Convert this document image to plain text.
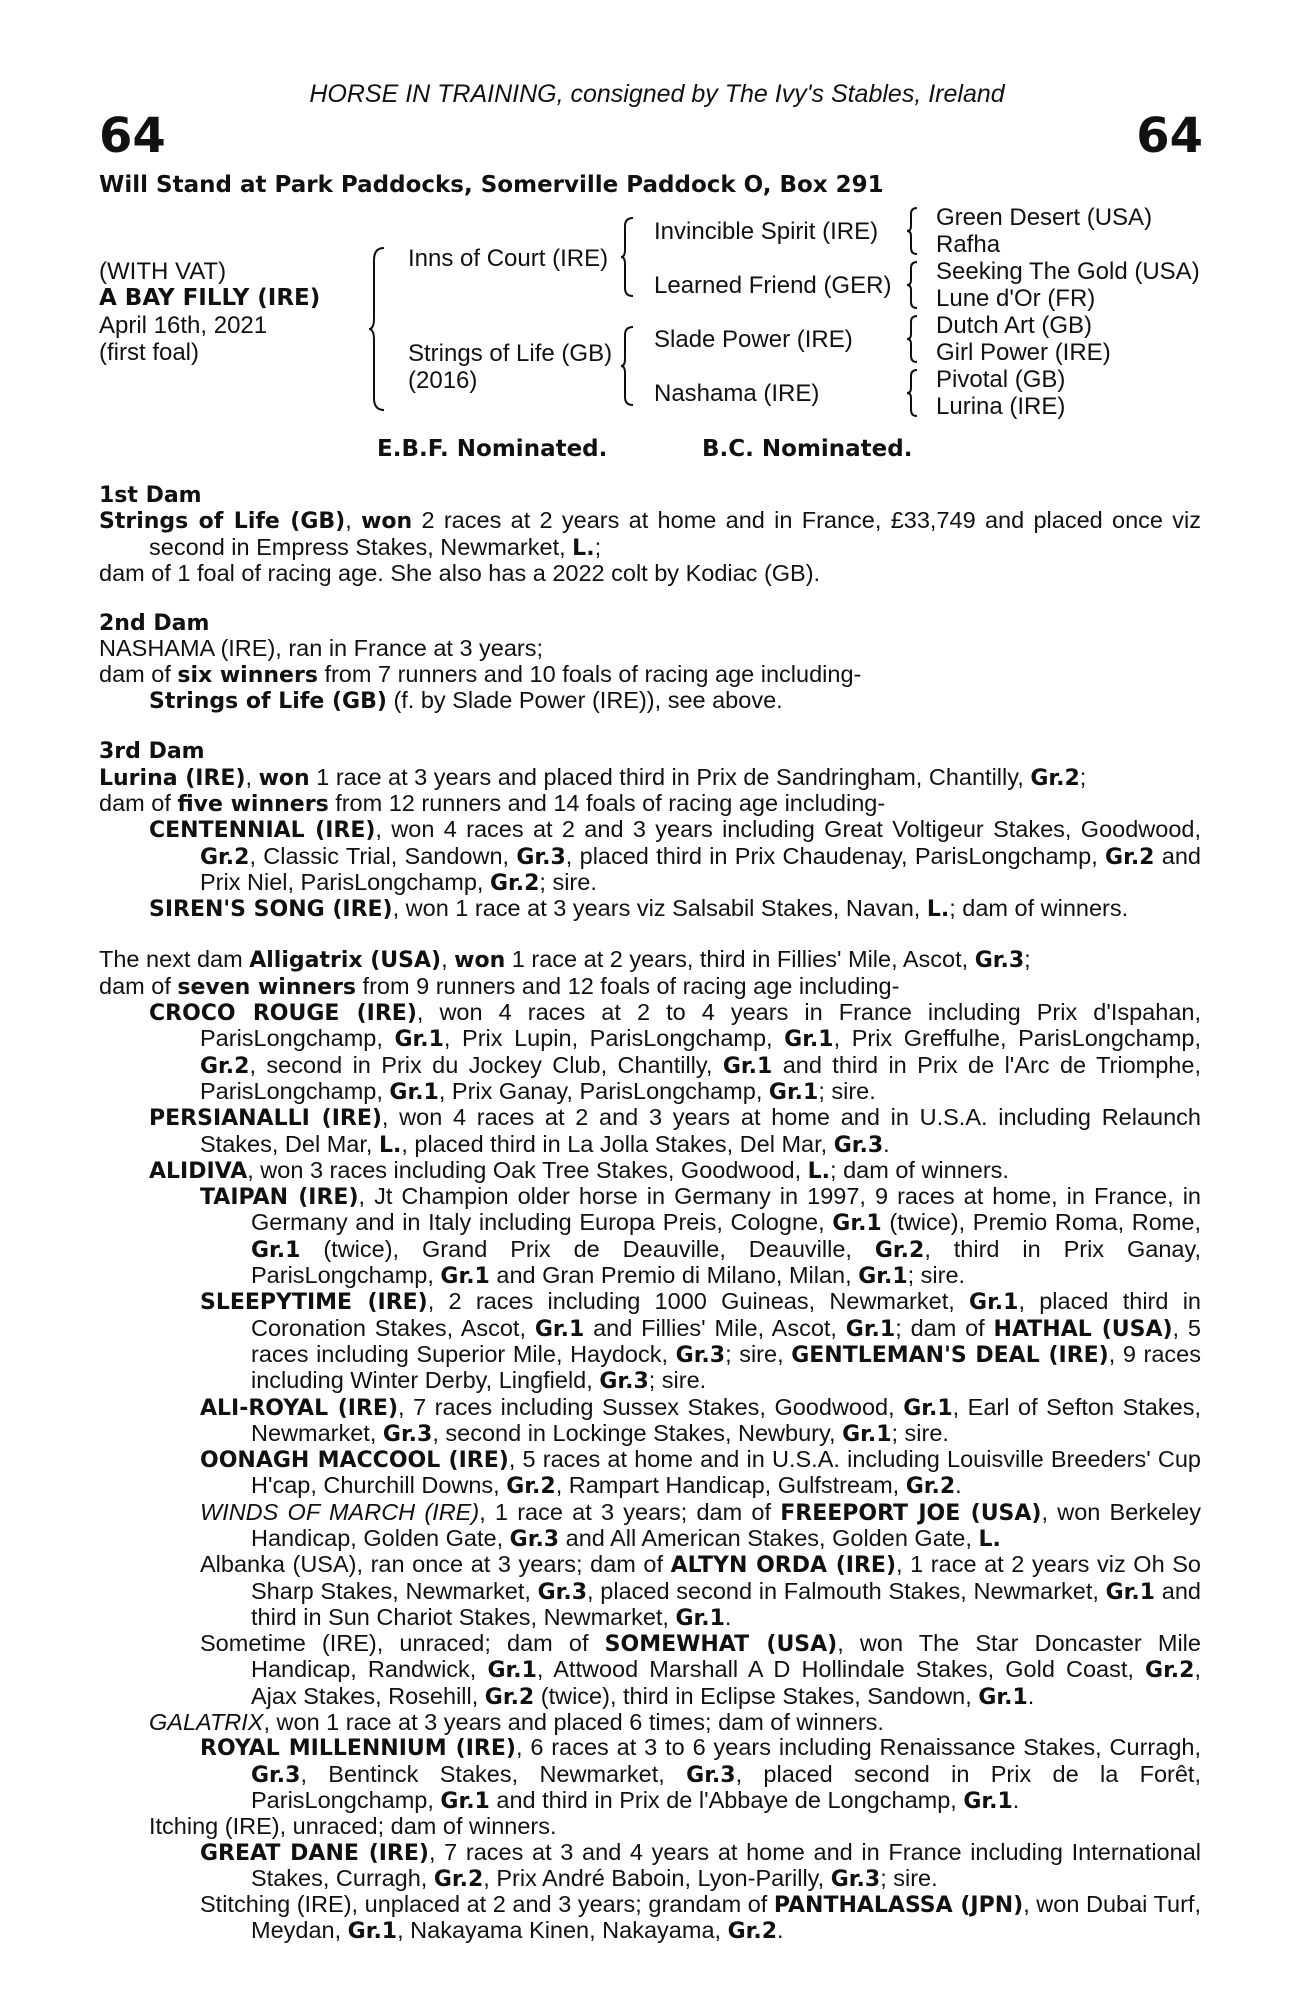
HORSE IN TRAINING, consigned by The Ivy's Stables, Ireland
64	64
Will Stand at Park Paddocks, Somerville Paddock O, Box 291
(WITH VAT)
A BAY FILLY (IRE)
April 16th, 2021
(first foal)
Inns of Court (IRE)
Strings of Life (GB)
(2016)
Invincible Spirit (IRE)
Learned Friend (GER)
Slade Power (IRE)
Nashama (IRE)
Green Desert (USA)
Rafha
Seeking The Gold (USA)
Lune d'Or (FR)
Dutch Art (GB)
Girl Power (IRE)
Pivotal (GB)
Lurina (IRE)
E.B.F. Nominated.	B.C. Nominated.

1st Dam

Strings of Life (GB), won 2 races at 2 years at home and in France, £33,749 and placed once viz second in Empress Stakes, Newmarket, L.;

dam of 1 foal of racing age. She also has a 2022 colt by Kodiac (GB).

2nd Dam

NASHAMA (IRE), ran in France at 3 years;

dam of six winners from 7 runners and 10 foals of racing age including-

Strings of Life (GB) (f. by Slade Power (IRE)), see above.

3rd Dam

Lurina (IRE), won 1 race at 3 years and placed third in Prix de Sandringham, Chantilly, Gr.2;

dam of five winners from 12 runners and 14 foals of racing age including-

CENTENNIAL (IRE), won 4 races at 2 and 3 years including Great Voltigeur Stakes, Goodwood, Gr.2, Classic Trial, Sandown, Gr.3, placed third in Prix Chaudenay, ParisLongchamp, Gr.2 and Prix Niel, ParisLongchamp, Gr.2; sire.

SIREN'S SONG (IRE), won 1 race at 3 years viz Salsabil Stakes, Navan, L.; dam of winners.

The next dam Alligatrix (USA), won 1 race at 2 years, third in Fillies' Mile, Ascot, Gr.3;

dam of seven winners from 9 runners and 12 foals of racing age including-

CROCO ROUGE (IRE), won 4 races at 2 to 4 years in France including Prix d'Ispahan, ParisLongchamp, Gr.1, Prix Lupin, ParisLongchamp, Gr.1, Prix Greffulhe, ParisLongchamp, Gr.2, second in Prix du Jockey Club, Chantilly, Gr.1 and third in Prix de l'Arc de Triomphe, ParisLongchamp, Gr.1, Prix Ganay, ParisLongchamp, Gr.1; sire.

PERSIANALLI (IRE), won 4 races at 2 and 3 years at home and in U.S.A. including Relaunch Stakes, Del Mar, L., placed third in La Jolla Stakes, Del Mar, Gr.3.

ALIDIVA, won 3 races including Oak Tree Stakes, Goodwood, L.; dam of winners.

TAIPAN (IRE), Jt Champion older horse in Germany in 1997, 9 races at home, in France, in Germany and in Italy including Europa Preis, Cologne, Gr.1 (twice), Premio Roma, Rome, Gr.1 (twice), Grand Prix de Deauville, Deauville, Gr.2, third in Prix Ganay, ParisLongchamp, Gr.1 and Gran Premio di Milano, Milan, Gr.1; sire.

SLEEPYTIME (IRE), 2 races including 1000 Guineas, Newmarket, Gr.1, placed third in Coronation Stakes, Ascot, Gr.1 and Fillies' Mile, Ascot, Gr.1; dam of HATHAL (USA), 5 races including Superior Mile, Haydock, Gr.3; sire, GENTLEMAN'S DEAL (IRE), 9 races including Winter Derby, Lingfield, Gr.3; sire.

ALI-ROYAL (IRE), 7 races including Sussex Stakes, Goodwood, Gr.1, Earl of Sefton Stakes, Newmarket, Gr.3, second in Lockinge Stakes, Newbury, Gr.1; sire.

OONAGH MACCOOL (IRE), 5 races at home and in U.S.A. including Louisville Breeders' Cup H'cap, Churchill Downs, Gr.2, Rampart Handicap, Gulfstream, Gr.2.

WINDS OF MARCH (IRE), 1 race at 3 years; dam of FREEPORT JOE (USA), won Berkeley Handicap, Golden Gate, Gr.3 and All American Stakes, Golden Gate, L.

Albanka (USA), ran once at 3 years; dam of ALTYN ORDA (IRE), 1 race at 2 years viz Oh So Sharp Stakes, Newmarket, Gr.3, placed second in Falmouth Stakes, Newmarket, Gr.1 and third in Sun Chariot Stakes, Newmarket, Gr.1.

Sometime (IRE), unraced; dam of SOMEWHAT (USA), won The Star Doncaster Mile Handicap, Randwick, Gr.1, Attwood Marshall A D Hollindale Stakes, Gold Coast, Gr.2, Ajax Stakes, Rosehill, Gr.2 (twice), third in Eclipse Stakes, Sandown, Gr.1.

GALATRIX, won 1 race at 3 years and placed 6 times; dam of winners.

ROYAL MILLENNIUM (IRE), 6 races at 3 to 6 years including Renaissance Stakes, Curragh, Gr.3, Bentinck Stakes, Newmarket, Gr.3, placed second in Prix de la Forêt, ParisLongchamp, Gr.1 and third in Prix de l'Abbaye de Longchamp, Gr.1.

Itching (IRE), unraced; dam of winners.

GREAT DANE (IRE), 7 races at 3 and 4 years at home and in France including International Stakes, Curragh, Gr.2, Prix André Baboin, Lyon-Parilly, Gr.3; sire.

Stitching (IRE), unplaced at 2 and 3 years; grandam of PANTHALASSA (JPN), won Dubai Turf, Meydan, Gr.1, Nakayama Kinen, Nakayama, Gr.2.
